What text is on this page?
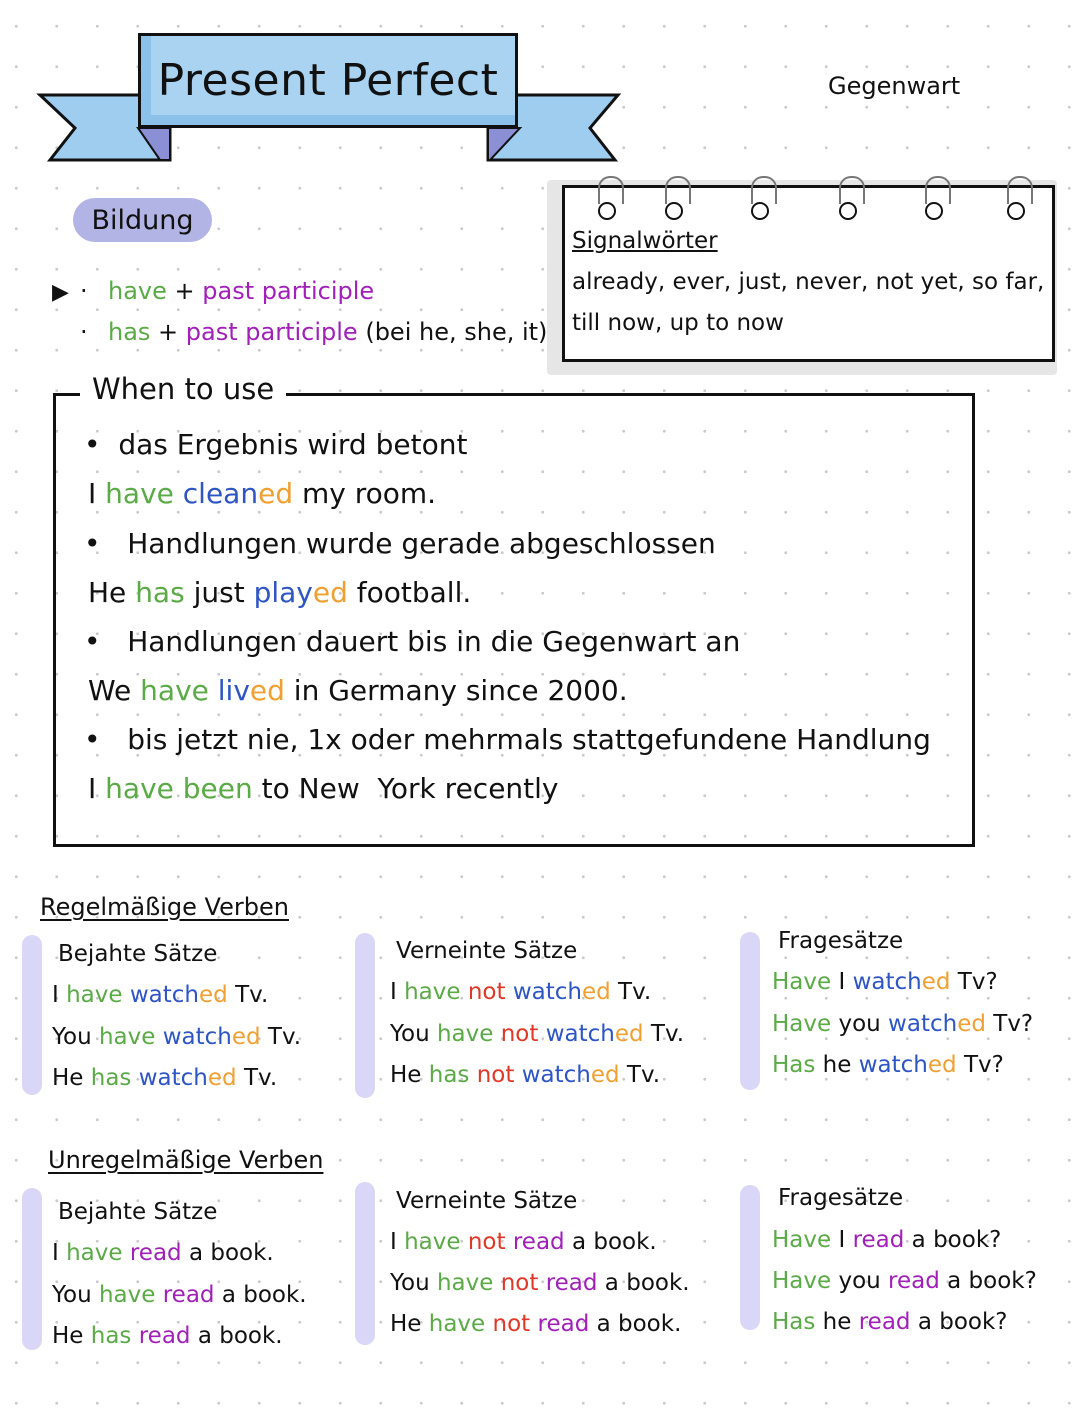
Present Perfect	Gegenwart
Bildung
▶ ·
·
have + past participle
has + past participle (bei he, she, it)
Signalwörter
already, ever, just, never, not yet, so far,
till now, up to now
When to use
•  das Ergebnis wird betont
I have cleaned my room.
•   Handlungen wurde gerade abgeschlossen
He has just played football.
•   Handlungen dauert bis in die Gegenwart an
We have lived in Germany since 2000.
•   bis jetzt nie, 1x oder mehrmals stattgefundene Handlung
I have been to New  York recently
Regelmäßige Verben
Bejahte Sätze
I have watched Tv.
You have watched Tv.
He has watched Tv.
Verneinte Sätze
I have not watched Tv.
You have not watched Tv.
He has not watched Tv.
Fragesätze
Have I watched Tv?
Have you watched Tv?
Has he watched Tv?
Unregelmäßige Verben
Bejahte Sätze
I have read a book.
You have read a book.
He has read a book.
Verneinte Sätze
I have not read a book.
You have not read a book.
He have not read a book.
Fragesätze
Have I read a book?
Have you read a book?
Has he read a book?
